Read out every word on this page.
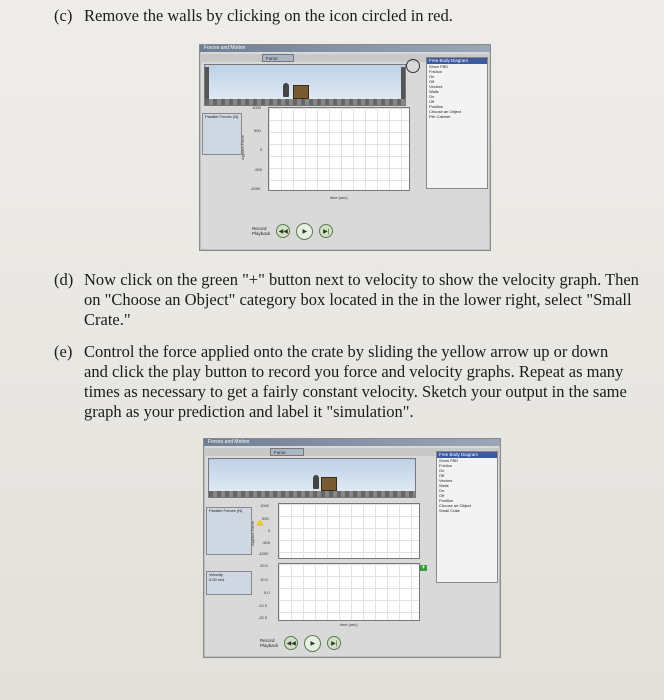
(c) Remove the walls by clicking on the icon circled in red.
Forces and Motion
Force
Parallel Forces (N)
1000
500
0
-500
-1000
Applied Force
time (sec)
Free Body Diagram
Show FBD
Friction
On
Off
Vectors
Walls
On
Off
Position
Choose an Object
File Cabinet
Record
Playback ◀◀ ▶	▶|
(d) Now click on the green "+" button next to velocity to show the velocity graph. Then
on "Choose an Object" category box located in the in the lower right, select "Small
Crate."
(e) Control the force applied onto the crate by sliding the yellow arrow up or down
and click the play button to record you force and velocity graphs. Repeat as many
times as necessary to get a fairly constant velocity. Sketch your output in the same
graph as your prediction and label it "simulation".
Forces and Motion
Force
Parallel Forces (N)
1000
500
0
-500
-1000
Applied Force
Velocity
0.00 m/s
20.0
10.0
0.0
-10.0
-20.0
time (sec)
+
Free Body Diagram
Show FBD
Friction
On
Off
Vectors
Walls
On
Off
Position
Choose an Object
Small Crate
Record
Playback ◀◀ ▶	▶|
